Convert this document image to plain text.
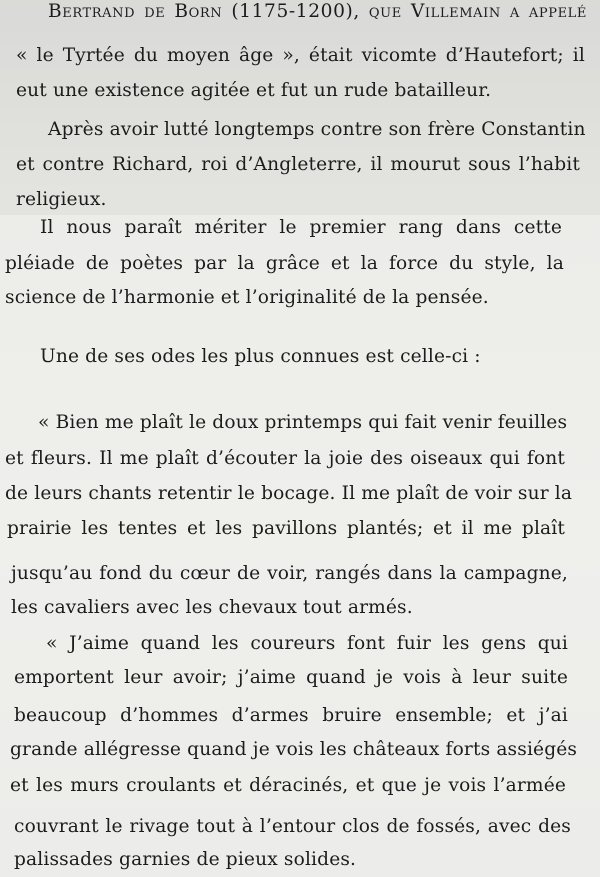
Bertrand de Born (1175-1200), que Villemain a appelé
« le Tyrtée du moyen âge », était vicomte d’Hautefort; il
eut une existence agitée et fut un rude batailleur.
Après avoir lutté longtemps contre son frère Constantin
et contre Richard, roi d’Angleterre, il mourut sous l’habit
religieux.
Il nous paraît mériter le premier rang dans cette
pléiade de poètes par la grâce et la force du style, la
science de l’harmonie et l’originalité de la pensée.
Une de ses odes les plus connues est celle-ci :
« Bien me plaît le doux printemps qui fait venir feuilles
et fleurs. Il me plaît d’écouter la joie des oiseaux qui font
de leurs chants retentir le bocage. Il me plaît de voir sur la
prairie les tentes et les pavillons plantés; et il me plaît
jusqu’au fond du cœur de voir, rangés dans la campagne,
les cavaliers avec les chevaux tout armés.
« J’aime quand les coureurs font fuir les gens qui
emportent leur avoir; j’aime quand je vois à leur suite
beaucoup d’hommes d’armes bruire ensemble; et j’ai
grande allégresse quand je vois les châteaux forts assiégés
et les murs croulants et déracinés, et que je vois l’armée
couvrant le rivage tout à l’entour clos de fossés, avec des
palissades garnies de pieux solides.
